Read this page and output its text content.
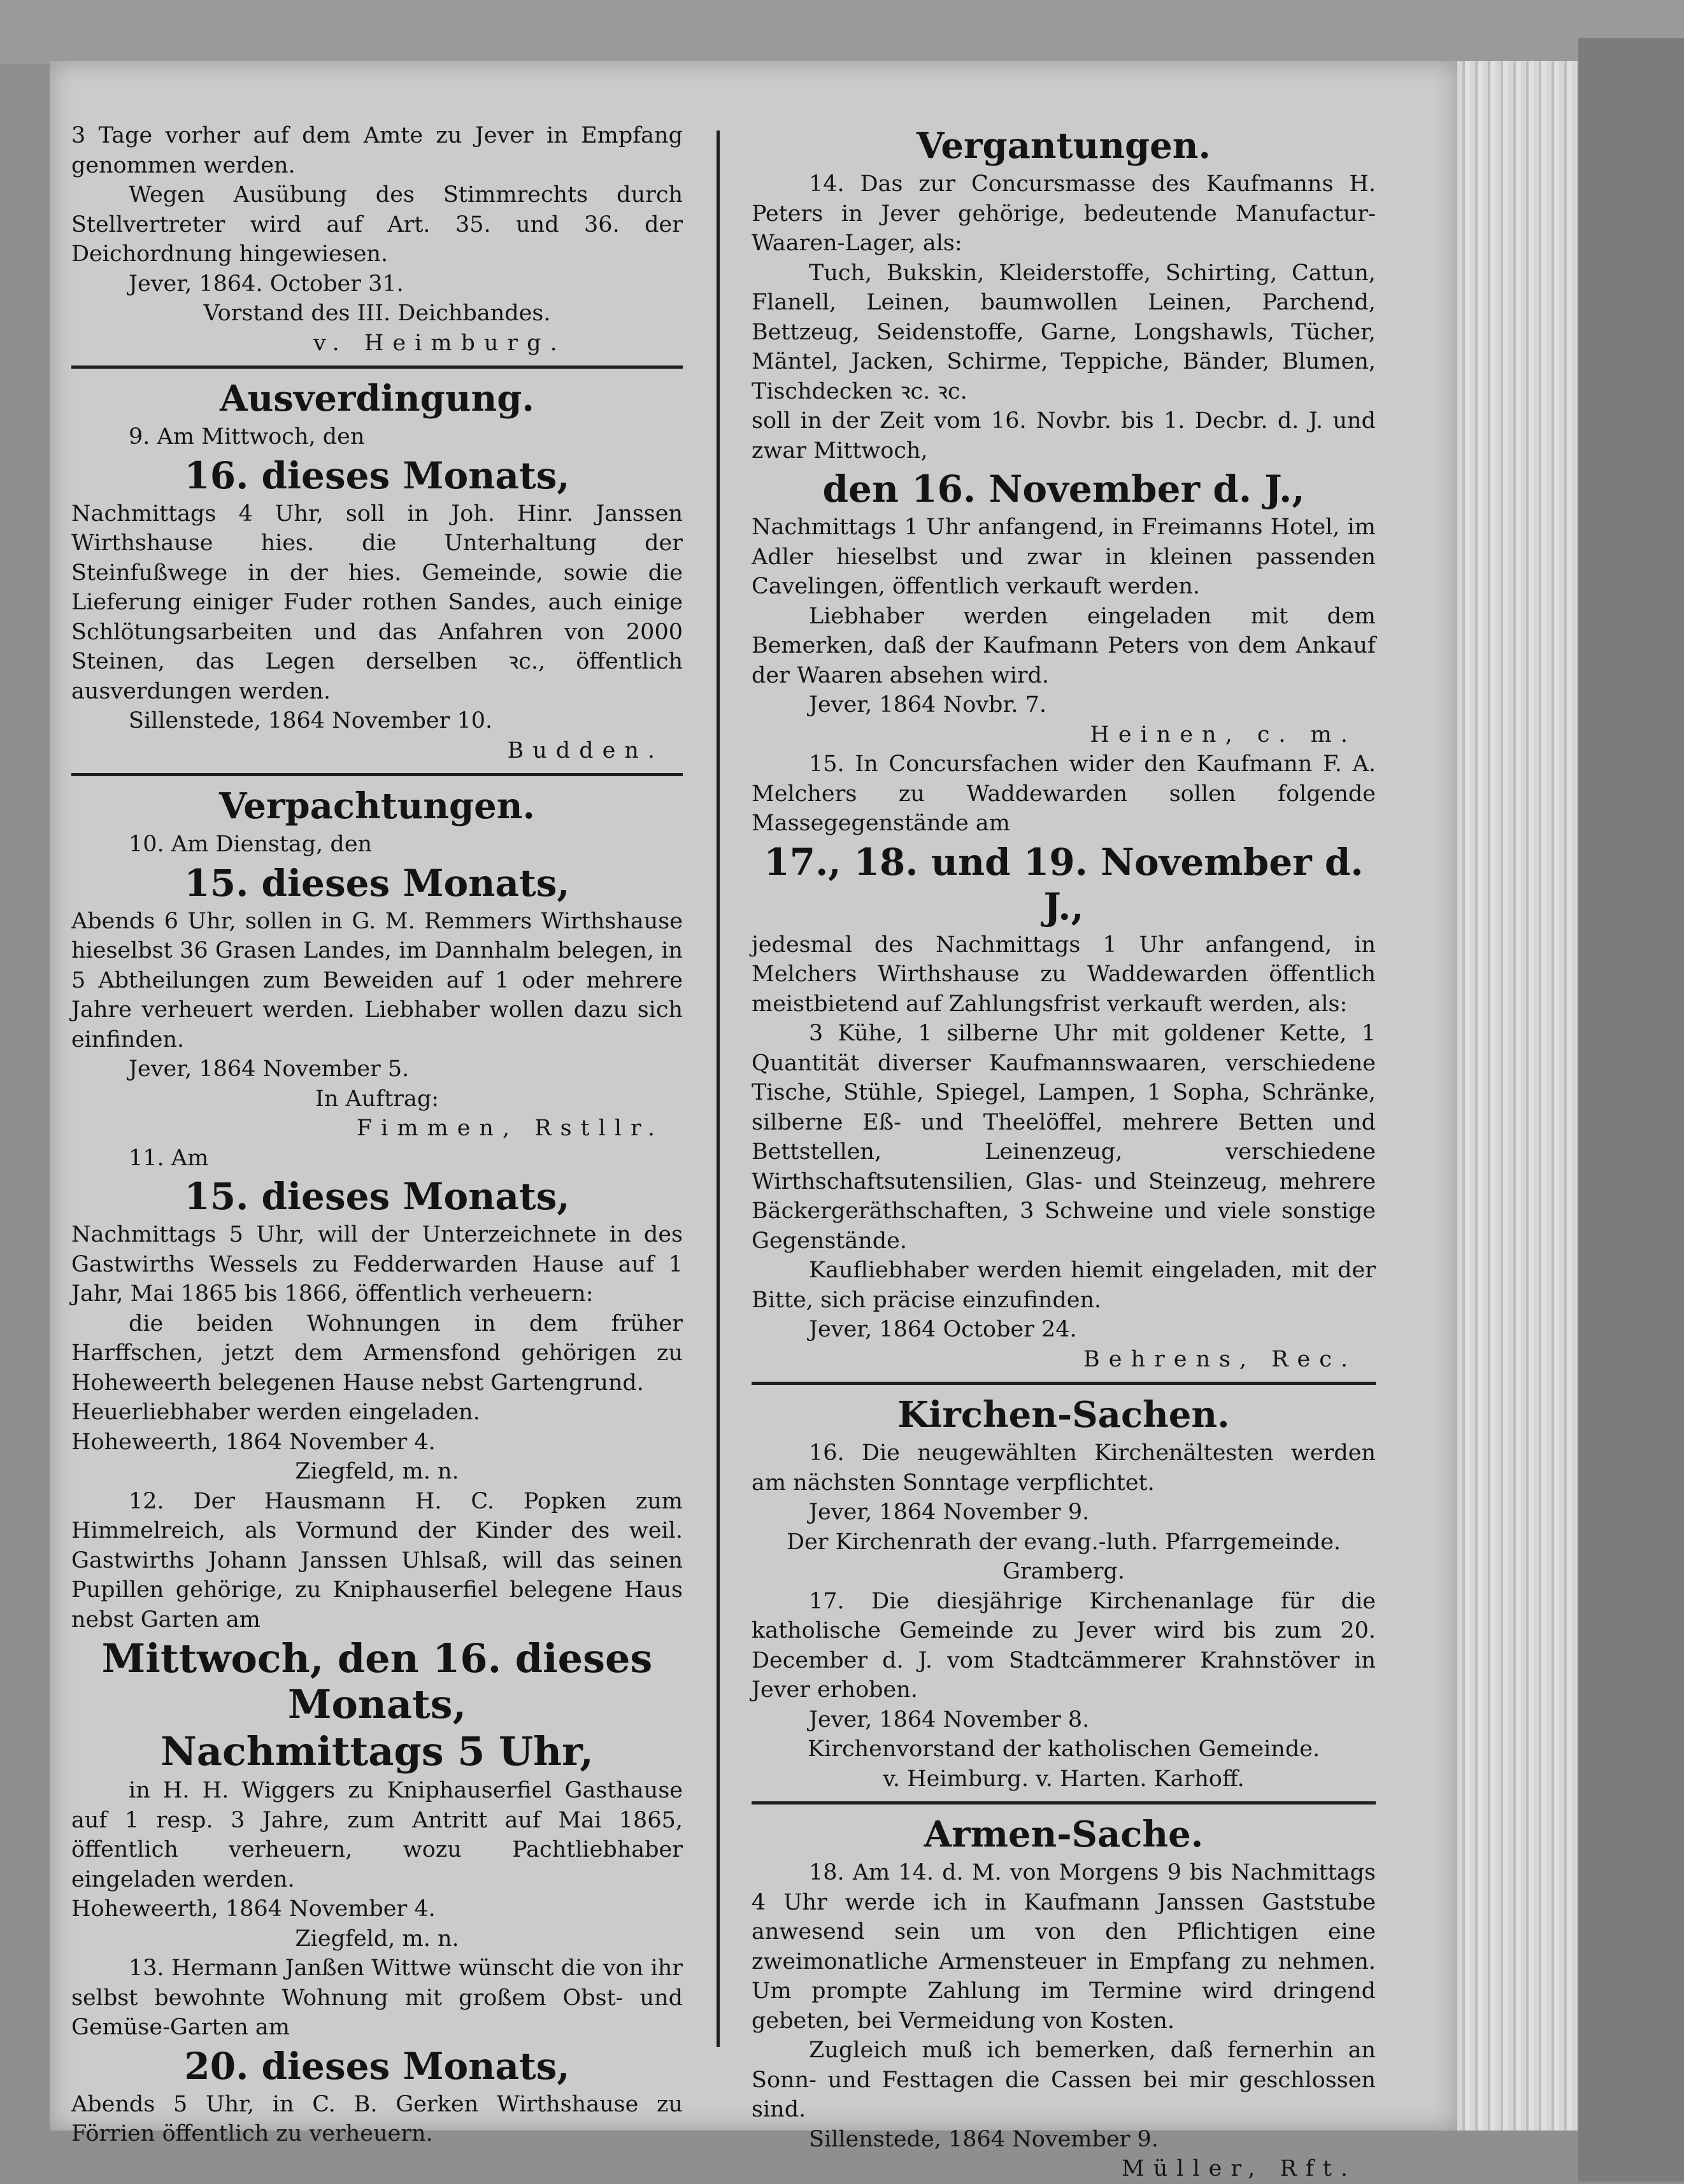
3 Tage vorher auf dem Amte zu Jever in Empfang genommen werden.
Wegen Ausübung des Stimmrechts durch Stellvertreter wird auf Art. 35. und 36. der Deichordnung hingewiesen.
Jever, 1864. October 31.
Vorstand des III. Deichbandes.
v. Heimburg.
Ausverdingung.
9. Am Mittwoch, den
16. dieses Monats,
Nachmittags 4 Uhr, soll in Joh. Hinr. Janssen Wirthshause hies. die Unterhaltung der Steinfußwege in der hies. Gemeinde, sowie die Lieferung einiger Fuder rothen Sandes, auch einige Schlötungsarbeiten und das Anfahren von 2000 Steinen, das Legen derselben ꝛc., öffentlich ausverdungen werden.
Sillenstede, 1864 November 10.
Budden.
Verpachtungen.
10. Am Dienstag, den
15. dieses Monats,
Abends 6 Uhr, sollen in G. M. Remmers Wirthshause hieselbst 36 Grasen Landes, im Dannhalm belegen, in 5 Abtheilungen zum Beweiden auf 1 oder mehrere Jahre verheuert werden. Liebhaber wollen dazu sich einfinden.
Jever, 1864 November 5.
In Auftrag:
Fimmen, Rstllr.
11. Am
15. dieses Monats,
Nachmittags 5 Uhr, will der Unterzeichnete in des Gastwirths Wessels zu Fedderwarden Hause auf 1 Jahr, Mai 1865 bis 1866, öffentlich verheuern:
die beiden Wohnungen in dem früher Harffschen, jetzt dem Armensfond gehörigen zu Hoheweerth belegenen Hause nebst Gartengrund.
Heuerliebhaber werden eingeladen.
Hoheweerth, 1864 November 4.
Ziegfeld, m. n.
12. Der Hausmann H. C. Popken zum Himmelreich, als Vormund der Kinder des weil. Gastwirths Johann Janssen Uhlsaß, will das seinen Pupillen gehörige, zu Kniphauserfiel belegene Haus nebst Garten am
Mittwoch, den 16. dieses Monats,
Nachmittags 5 Uhr,
in H. H. Wiggers zu Kniphauserfiel Gasthause auf 1 resp. 3 Jahre, zum Antritt auf Mai 1865, öffentlich verheuern, wozu Pachtliebhaber eingeladen werden.
Hoheweerth, 1864 November 4.
Ziegfeld, m. n.
13. Hermann Janßen Wittwe wünscht die von ihr selbst bewohnte Wohnung mit großem Obst- und Gemüse-Garten am
20. dieses Monats,
Abends 5 Uhr, in C. B. Gerken Wirthshause zu Förrien öffentlich zu verheuern.
Vergantungen.
14. Das zur Concursmasse des Kaufmanns H. Peters in Jever gehörige, bedeutende Manufactur-Waaren-Lager, als:
Tuch, Bukskin, Kleiderstoffe, Schirting, Cattun, Flanell, Leinen, baumwollen Leinen, Parchend, Bettzeug, Seidenstoffe, Garne, Longshawls, Tücher, Mäntel, Jacken, Schirme, Teppiche, Bänder, Blumen, Tischdecken ꝛc. ꝛc.
soll in der Zeit vom 16. Novbr. bis 1. Decbr. d. J. und zwar Mittwoch,
den 16. November d. J.,
Nachmittags 1 Uhr anfangend, in Freimanns Hotel, im Adler hieselbst und zwar in kleinen passenden Cavelingen, öffentlich verkauft werden.
Liebhaber werden eingeladen mit dem Bemerken, daß der Kaufmann Peters von dem Ankauf der Waaren absehen wird.
Jever, 1864 Novbr. 7.
Heinen, c. m.
15. In Concursfachen wider den Kaufmann F. A. Melchers zu Waddewarden sollen folgende Massegegenstände am
17., 18. und 19. November d. J.,
jedesmal des Nachmittags 1 Uhr anfangend, in Melchers Wirthshause zu Waddewarden öffentlich meistbietend auf Zahlungsfrist verkauft werden, als:
3 Kühe, 1 silberne Uhr mit goldener Kette, 1 Quantität diverser Kaufmannswaaren, verschiedene Tische, Stühle, Spiegel, Lampen, 1 Sopha, Schränke, silberne Eß- und Theelöffel, mehrere Betten und Bettstellen, Leinenzeug, verschiedene Wirthschaftsutensilien, Glas- und Steinzeug, mehrere Bäckergeräthschaften, 3 Schweine und viele sonstige Gegenstände.
Kaufliebhaber werden hiemit eingeladen, mit der Bitte, sich präcise einzufinden.
Jever, 1864 October 24.
Behrens, Rec.
Kirchen-Sachen.
16. Die neugewählten Kirchenältesten werden am nächsten Sonntage verpflichtet.
Jever, 1864 November 9.
Der Kirchenrath der evang.-luth. Pfarrgemeinde.
Gramberg.
17. Die diesjährige Kirchenanlage für die katholische Gemeinde zu Jever wird bis zum 20. December d. J. vom Stadtcämmerer Krahnstöver in Jever erhoben.
Jever, 1864 November 8.
Kirchenvorstand der katholischen Gemeinde.
v. Heimburg. v. Harten. Karhoff.
Armen-Sache.
18. Am 14. d. M. von Morgens 9 bis Nachmittags 4 Uhr werde ich in Kaufmann Janssen Gaststube anwesend sein um von den Pflichtigen eine zweimonatliche Armensteuer in Empfang zu nehmen. Um prompte Zahlung im Termine wird dringend gebeten, bei Vermeidung von Kosten.
Zugleich muß ich bemerken, daß fernerhin an Sonn- und Festtagen die Cassen bei mir geschlossen sind.
Sillenstede, 1864 November 9.
Müller, Rft.
